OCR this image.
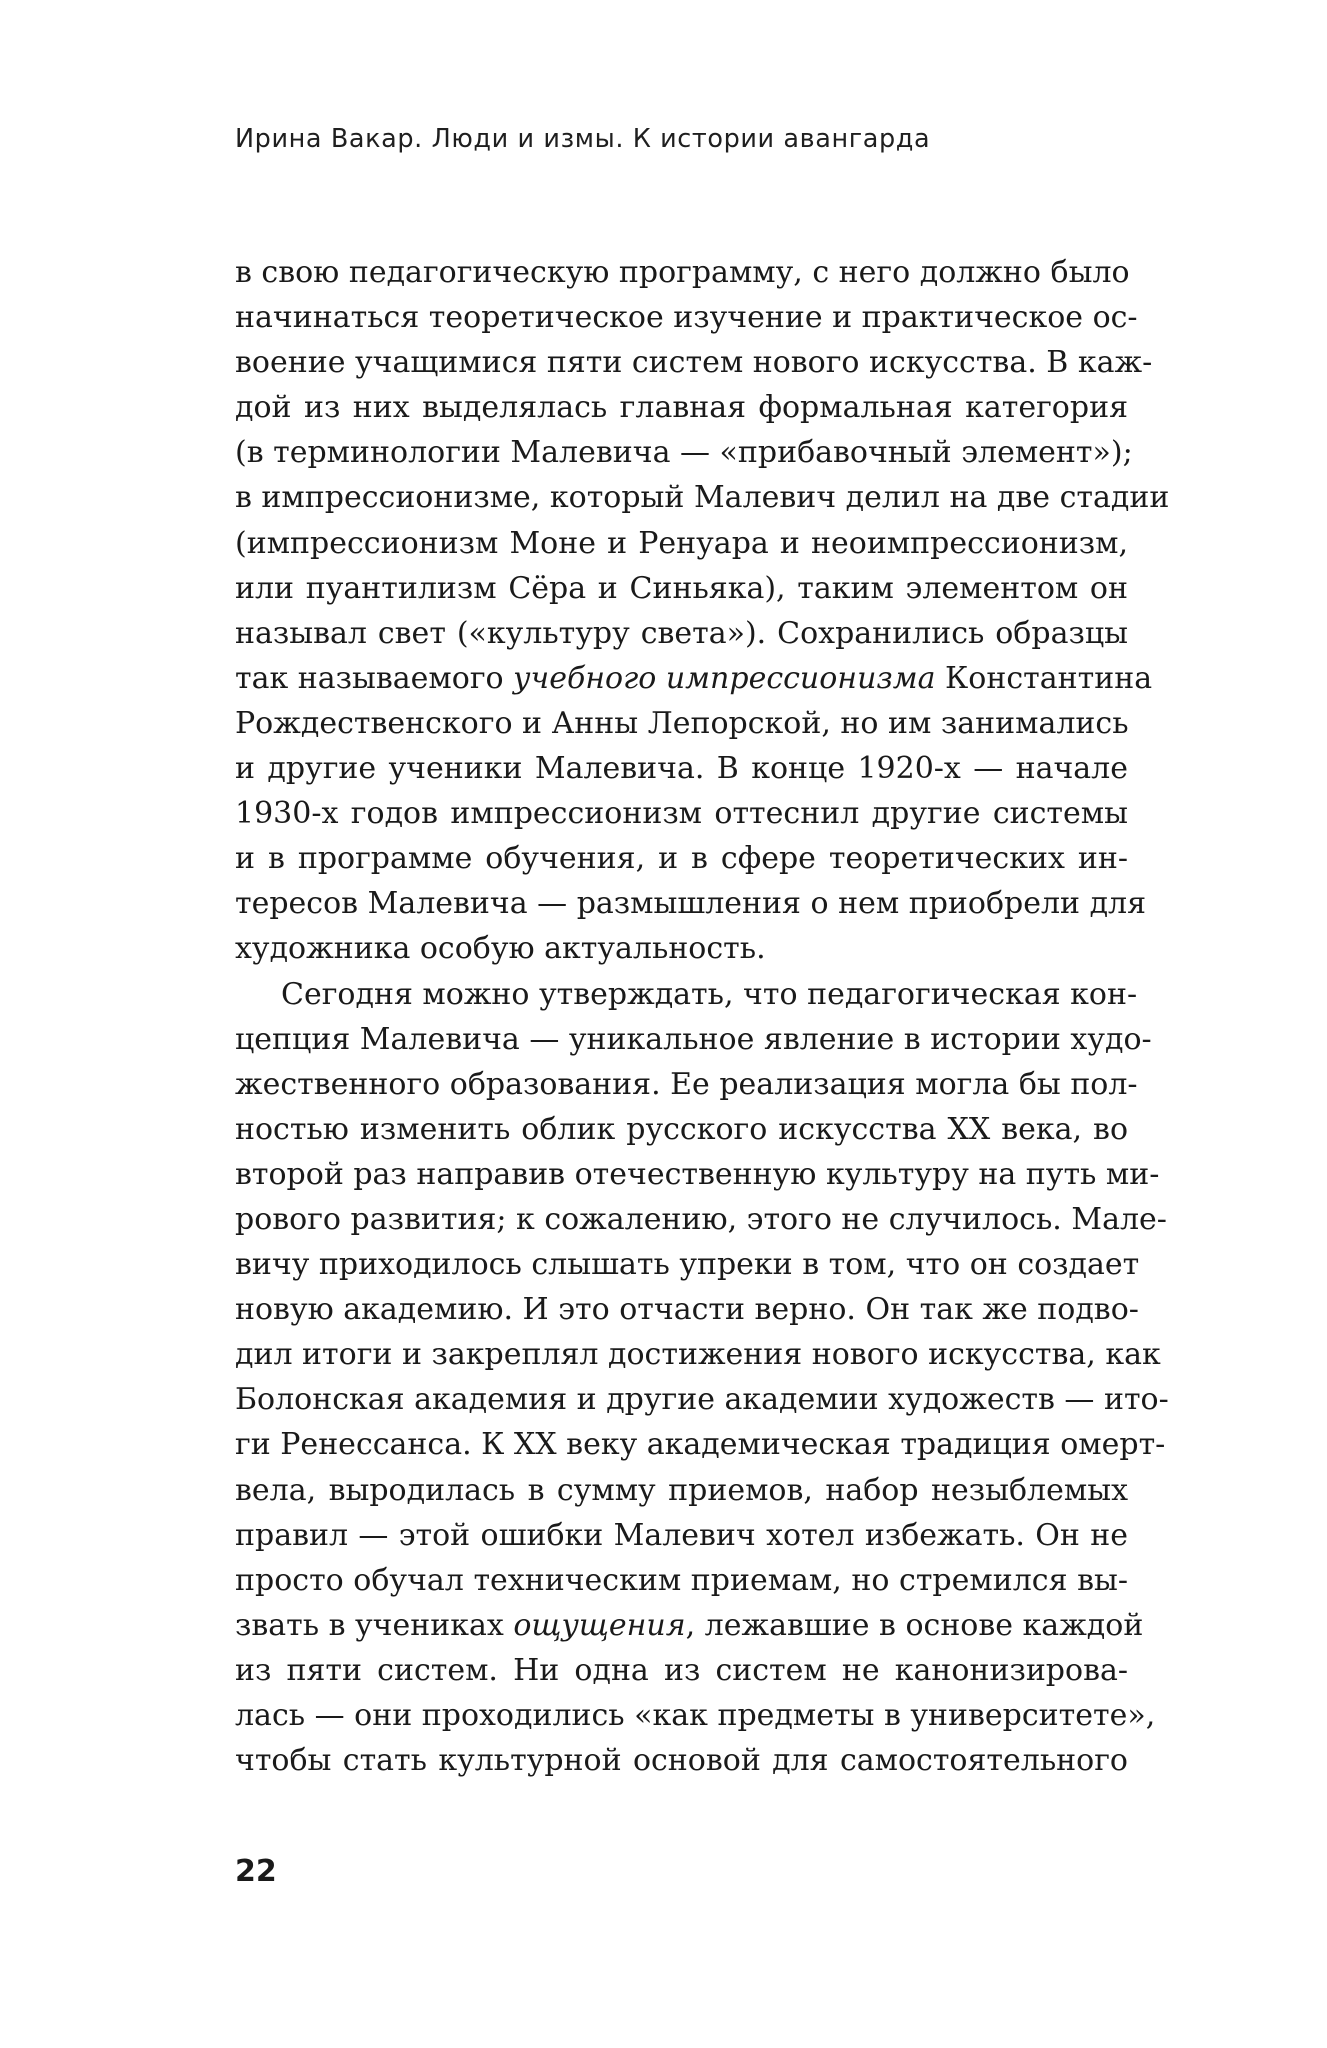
Ирина Вакар. Люди и измы. К истории авангарда
в свою педагогическую программу, с него должно было
начинаться теоретическое изучение и практическое ос-
воение учащимися пяти систем нового искусства. В каж-
дой из них выделялась главная формальная категория
(в терминологии Малевича — «прибавочный элемент»);
в импрессионизме, который Малевич делил на две стадии
(импрессионизм Моне и Ренуара и неоимпрессионизм,
или пуантилизм Сёра и Синьяка), таким элементом он
называл свет («культуру света»). Сохранились образцы
так называемого учебного импрессионизма Константина
Рождественского и Анны Лепорской, но им занимались
и другие ученики Малевича. В конце 1920-х — начале
1930-х годов импрессионизм оттеснил другие системы
и в программе обучения, и в сфере теоретических ин-
тересов Малевича — размышления о нем приобрели для
художника особую актуальность.
Сегодня можно утверждать, что педагогическая кон-
цепция Малевича — уникальное явление в истории худо-
жественного образования. Ее реализация могла бы пол-
ностью изменить облик русского искусства XX века, во
второй раз направив отечественную культуру на путь ми-
рового развития; к сожалению, этого не случилось. Мале-
вичу приходилось слышать упреки в том, что он создает
новую академию. И это отчасти верно. Он так же подво-
дил итоги и закреплял достижения нового искусства, как
Болонская академия и другие академии художеств — ито-
ги Ренессанса. К XX веку академическая традиция омерт-
вела, выродилась в сумму приемов, набор незыблемых
правил — этой ошибки Малевич хотел избежать. Он не
просто обучал техническим приемам, но стремился вы-
звать в учениках ощущения, лежавшие в основе каждой
из пяти систем. Ни одна из систем не канонизирова-
лась — они проходились «как предметы в университете»,
чтобы стать культурной основой для самостоятельного
22
